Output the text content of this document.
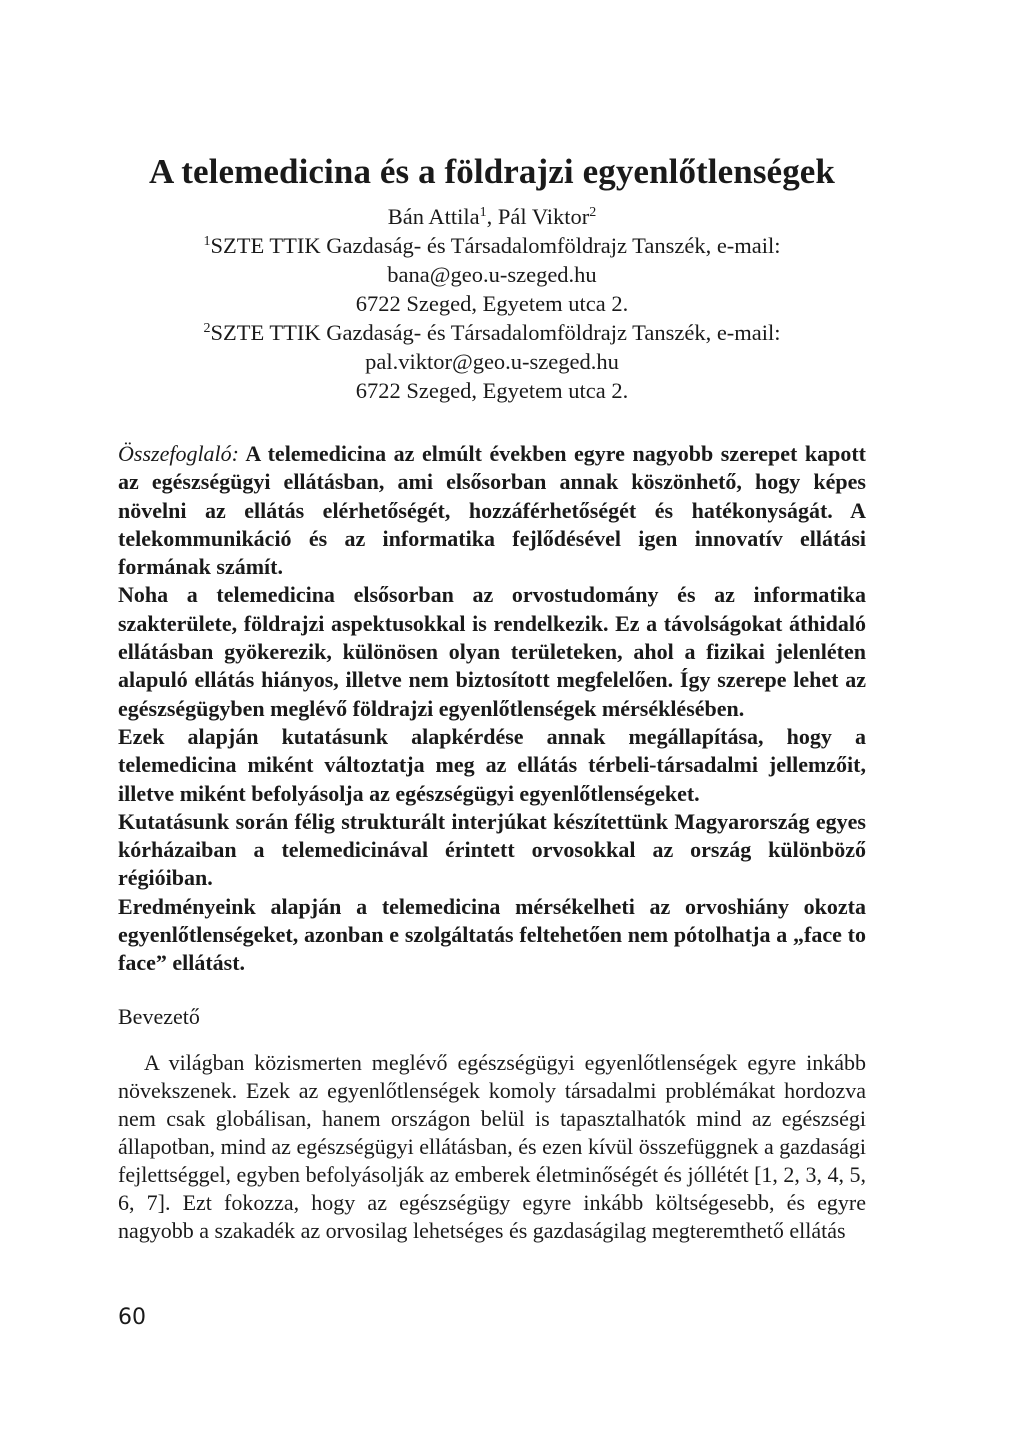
A telemedicina és a földrajzi egyenlőtlenségek
Bán Attila$^1$, Pál Viktor$^2$
$^1$SZTE TTIK Gazdaság- és Társadalomföldrajz Tanszék, e-mail:
bana@geo.u-szeged.hu
6722 Szeged, Egyetem utca 2.
$^2$SZTE TTIK Gazdaság- és Társadalomföldrajz Tanszék, e-mail:
pal.viktor@geo.u-szeged.hu
6722 Szeged, Egyetem utca 2.

Összefoglaló: A telemedicina az elmúlt években egyre nagyobb szerepet kapott az egészségügyi ellátásban, ami elsősorban annak köszönhető, hogy képes növelni az ellátás elérhetőségét, hozzáférhetőségét és hatékonyságát. A telekommunikáció és az informatika fejlődésével igen innovatív ellátási formának számít.

Noha a telemedicina elsősorban az orvostudomány és az informatika szakterülete, földrajzi aspektusokkal is rendelkezik. Ez a távolságokat áthidaló ellátásban gyökerezik, különösen olyan területeken, ahol a fizikai jelenléten alapuló ellátás hiányos, illetve nem biztosított megfelelően. Így szerepe lehet az egészségügyben meglévő földrajzi egyenlőtlenségek mérséklésében.

Ezek alapján kutatásunk alapkérdése annak megállapítása, hogy a telemedicina miként változtatja meg az ellátás térbeli-társadalmi jellemzőit, illetve miként befolyásolja az egészségügyi egyenlőtlenségeket.

Kutatásunk során félig strukturált interjúkat készítettünk Magyarország egyes kórházaiban a telemedicinával érintett orvosokkal az ország különböző régióiban.

Eredményeink alapján a telemedicina mérsékelheti az orvoshiány okozta egyenlőtlenségeket, azonban e szolgáltatás feltehetően nem pótolhatja a „face to face” ellátást.

Bevezető

A világban közismerten meglévő egészségügyi egyenlőtlenségek egyre inkább növekszenek. Ezek az egyenlőtlenségek komoly társadalmi problémákat hordozva nem csak globálisan, hanem országon belül is tapasztalhatók mind az egészségi állapotban, mind az egészségügyi ellátásban, és ezen kívül összefüggnek a gazdasági fejlettséggel, egyben befolyásolják az emberek életminőségét és jóllétét [1, 2, 3, 4, 5, 6, 7]. Ezt fokozza, hogy az egészségügy egyre inkább költségesebb, és egyre nagyobb a szakadék az orvosilag lehetséges és gazdaságilag megteremthető ellátás

60
